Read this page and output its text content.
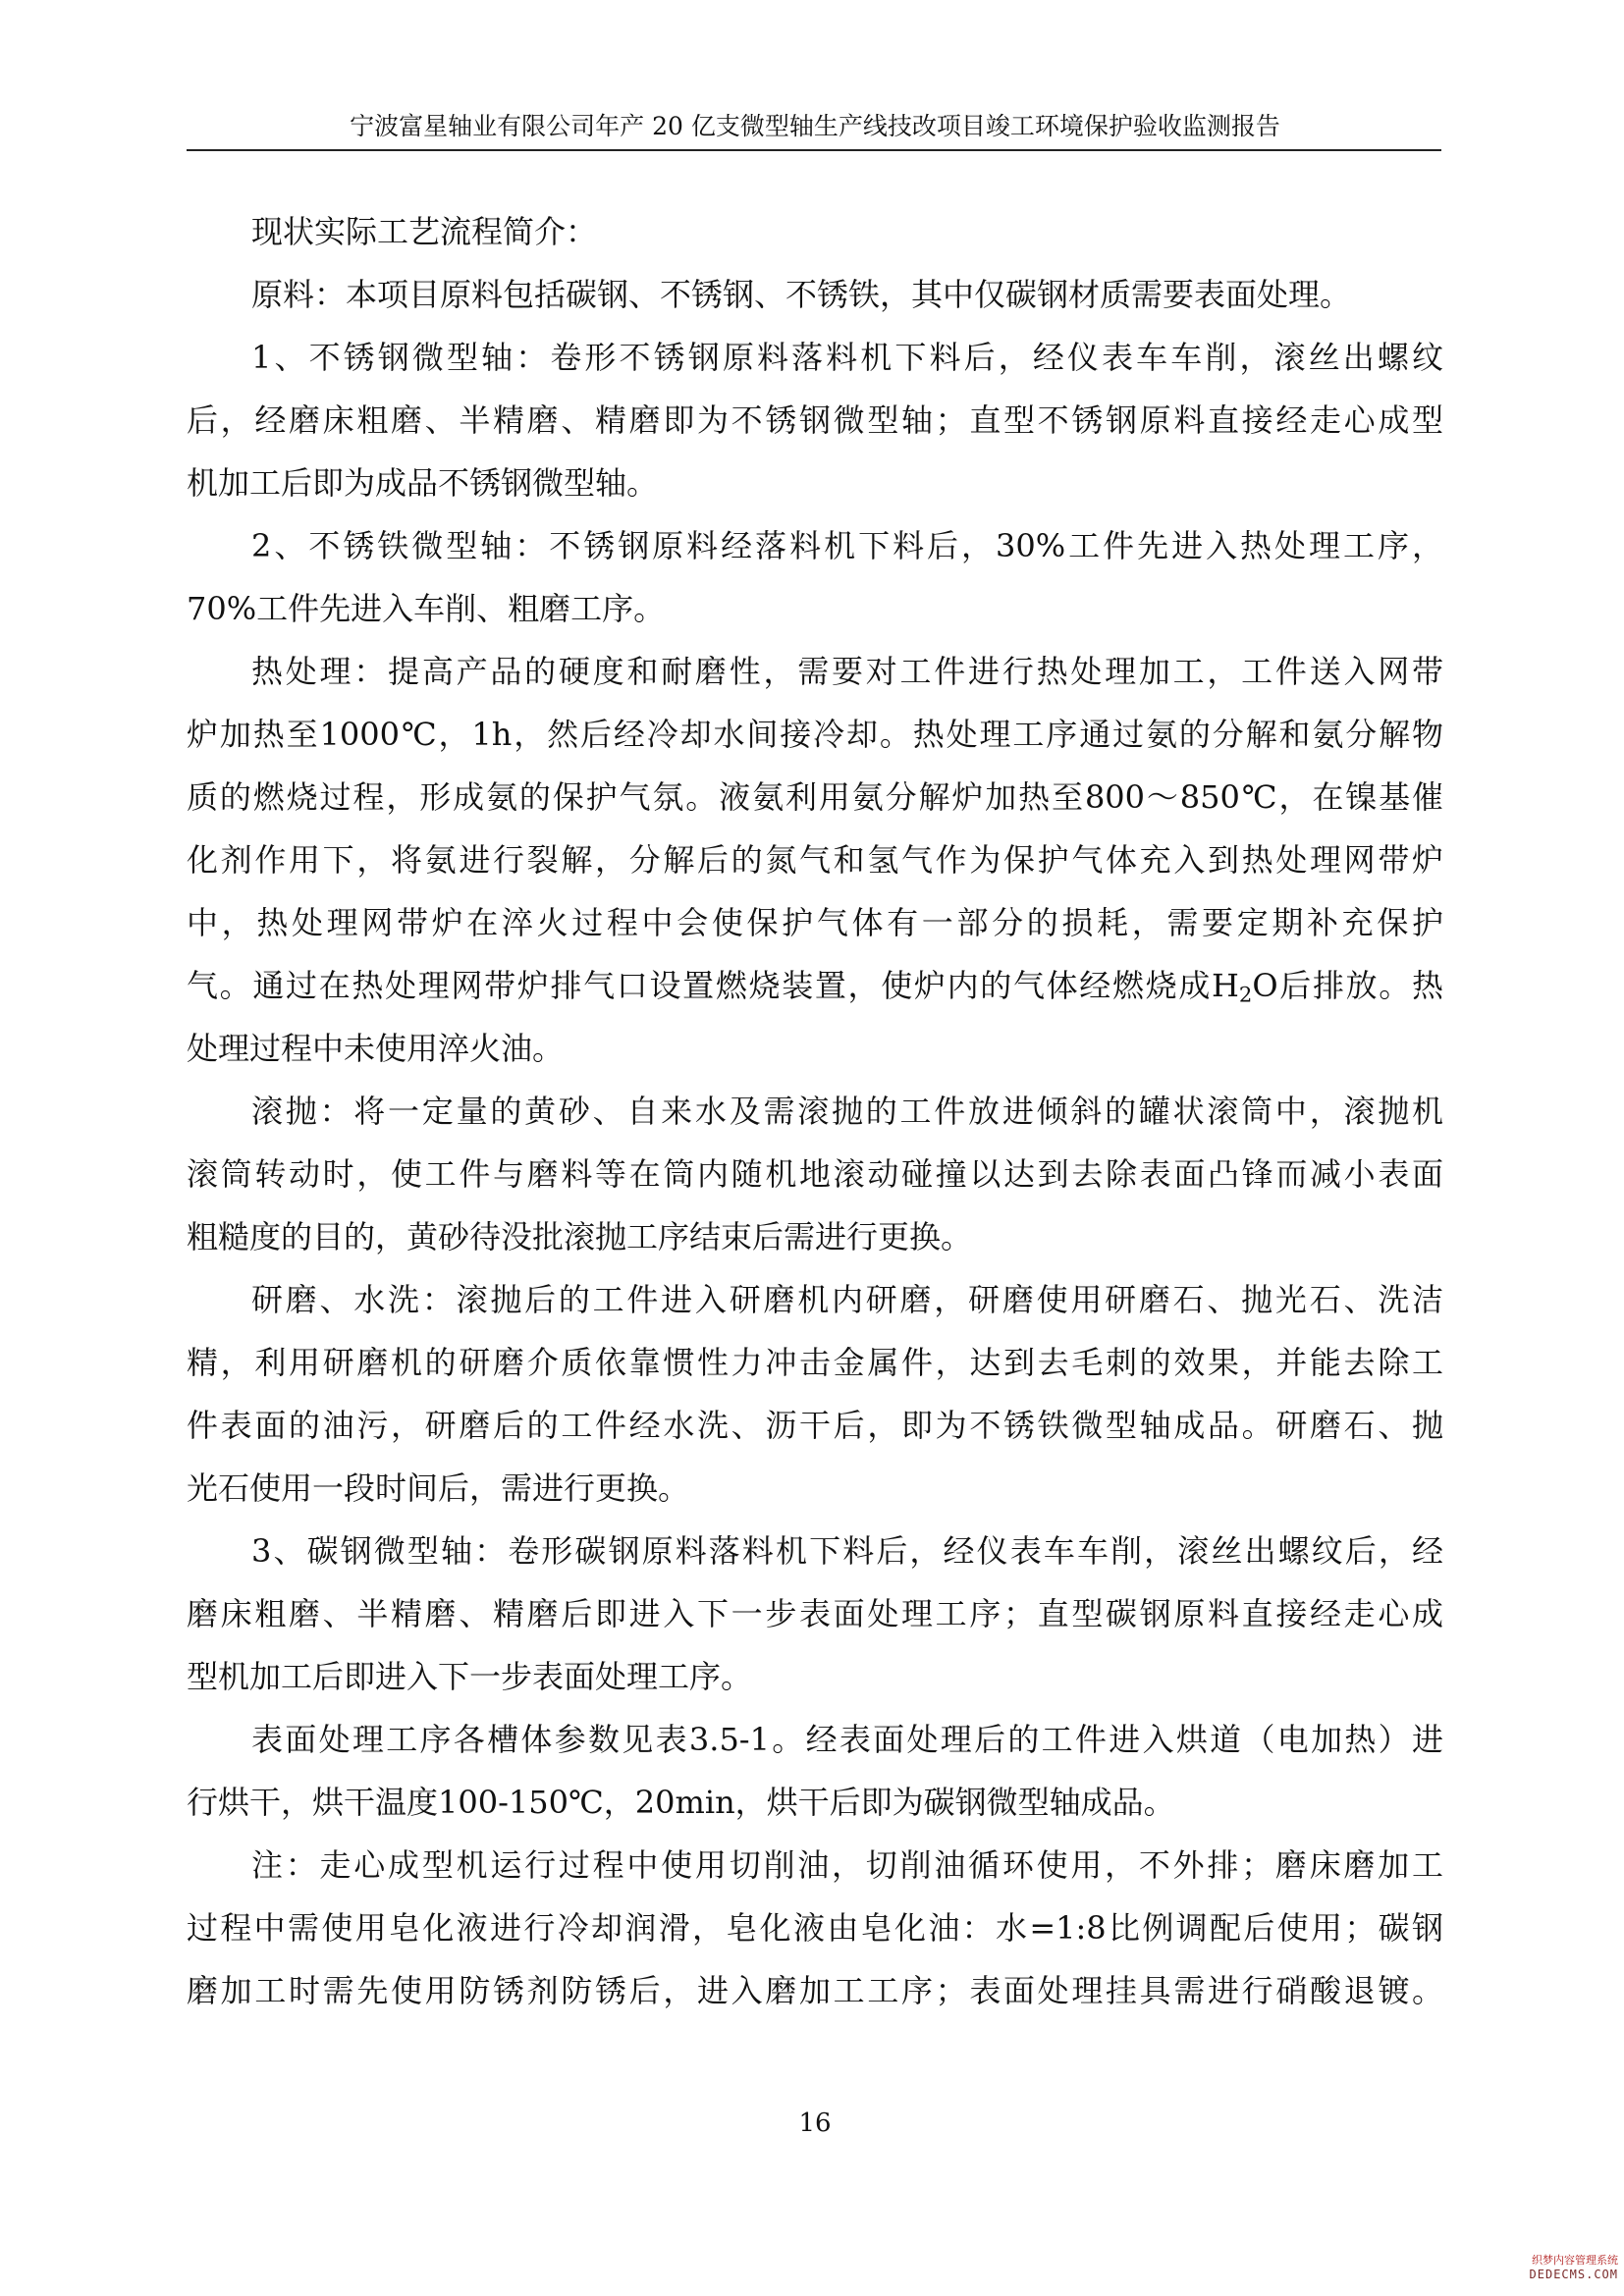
宁波富星轴业有限公司年产 20 亿支微型轴生产线技改项目竣工环境保护验收监测报告

现状实际工艺流程简介：

原料：本项目原料包括碳钢、不锈钢、不锈铁，其中仅碳钢材质需要表面处理。

1、不锈钢微型轴：卷形不锈钢原料落料机下料后，经仪表车车削，滚丝出螺纹
后，经磨床粗磨、半精磨、精磨即为不锈钢微型轴；直型不锈钢原料直接经走心成型
机加工后即为成品不锈钢微型轴。

2、不锈铁微型轴：不锈钢原料经落料机下料后，30%工件先进入热处理工序，
70%工件先进入车削、粗磨工序。

热处理：提高产品的硬度和耐磨性，需要对工件进行热处理加工，工件送入网带
炉加热至1000℃，1h，然后经冷却水间接冷却。热处理工序通过氨的分解和氨分解物
质的燃烧过程，形成氨的保护气氛。液氨利用氨分解炉加热至800～850℃，在镍基催
化剂作用下，将氨进行裂解，分解后的氮气和氢气作为保护气体充入到热处理网带炉
中，热处理网带炉在淬火过程中会使保护气体有一部分的损耗，需要定期补充保护
气。通过在热处理网带炉排气口设置燃烧装置，使炉内的气体经燃烧成$H_2O$后排放。热
处理过程中未使用淬火油。

滚抛：将一定量的黄砂、自来水及需滚抛的工件放进倾斜的罐状滚筒中，滚抛机
滚筒转动时，使工件与磨料等在筒内随机地滚动碰撞以达到去除表面凸锋而减小表面
粗糙度的目的，黄砂待没批滚抛工序结束后需进行更换。

研磨、水洗：滚抛后的工件进入研磨机内研磨，研磨使用研磨石、抛光石、洗洁
精，利用研磨机的研磨介质依靠惯性力冲击金属件，达到去毛刺的效果，并能去除工
件表面的油污，研磨后的工件经水洗、沥干后，即为不锈铁微型轴成品。研磨石、抛
光石使用一段时间后，需进行更换。

3、碳钢微型轴：卷形碳钢原料落料机下料后，经仪表车车削，滚丝出螺纹后，经
磨床粗磨、半精磨、精磨后即进入下一步表面处理工序；直型碳钢原料直接经走心成
型机加工后即进入下一步表面处理工序。

表面处理工序各槽体参数见表3.5-1。经表面处理后的工件进入烘道（电加热）进
行烘干，烘干温度100-150℃，20min，烘干后即为碳钢微型轴成品。

注：走心成型机运行过程中使用切削油，切削油循环使用，不外排；磨床磨加工
过程中需使用皂化液进行冷却润滑，皂化液由皂化油：水=1:8比例调配后使用；碳钢
磨加工时需先使用防锈剂防锈后，进入磨加工工序；表面处理挂具需进行硝酸退镀。

16
织梦内容管理系统
DEDECMS.COM
